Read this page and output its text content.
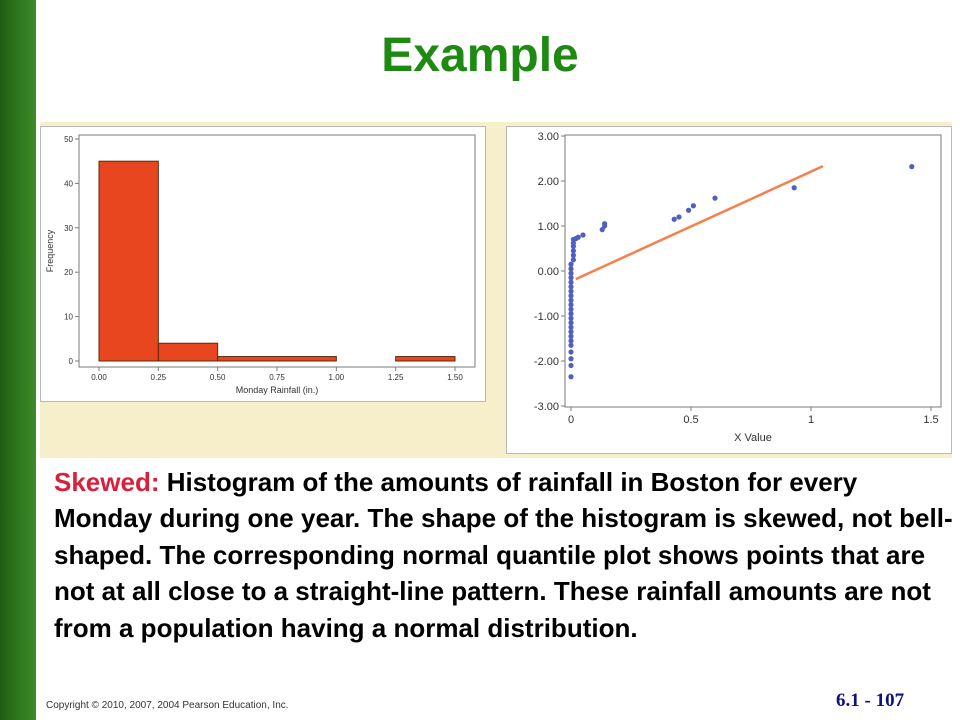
Example
0
10
20
30
40
50
0.00	0.25	0.50	0.75	1.00	1.25	1.50
Monday Rainfall (in.)
Frequency
-3.00
-2.00
-1.00
0.00
1.00
2.00
3.00
0	0.5	1	1.5
X Value
Skewed: Histogram of the amounts of rainfall in Boston for every Monday during one year. The shape of the histogram is skewed, not bell-shaped. The corresponding normal quantile plot shows points that are not at all close to a straight-line pattern. These rainfall amounts are not from a population having a normal distribution.
Copyright © 2010, 2007, 2004 Pearson Education, Inc.	6.1 - 107
